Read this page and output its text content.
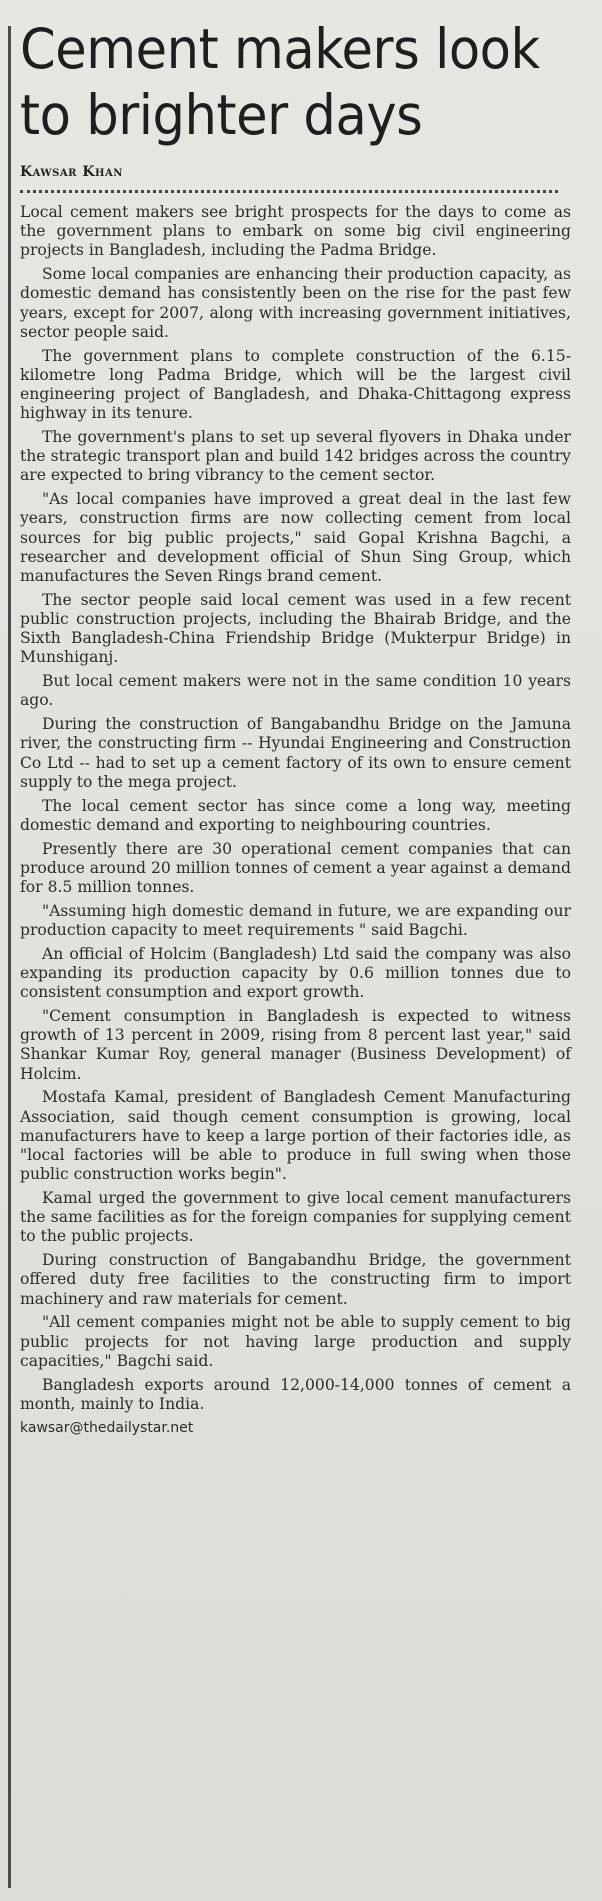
Cement makers look to brighter days
Kawsar Khan

Local cement makers see bright prospects for the days to come as the government plans to embark on some big civil engineering projects in Bangladesh, including the Padma Bridge.

Some local companies are enhancing their production capacity, as domestic demand has consistently been on the rise for the past few years, except for 2007, along with increasing government initiatives, sector people said.

The government plans to complete construction of the 6.15-kilometre long Padma Bridge, which will be the largest civil engineering project of Bangladesh, and Dhaka-Chittagong express highway in its tenure.

The government's plans to set up several flyovers in Dhaka under the strategic transport plan and build 142 bridges across the country are expected to bring vibrancy to the cement sector.

"As local companies have improved a great deal in the last few years, construction firms are now collecting cement from local sources for big public projects," said Gopal Krishna Bagchi, a researcher and development official of Shun Sing Group, which manufactures the Seven Rings brand cement.

The sector people said local cement was used in a few recent public construction projects, including the Bhairab Bridge, and the Sixth Bangladesh-China Friendship Bridge (Mukterpur Bridge) in Munshiganj.

But local cement makers were not in the same condition 10 years ago.

During the construction of Bangabandhu Bridge on the Jamuna river, the constructing firm -- Hyundai Engineering and Construction Co Ltd -- had to set up a cement factory of its own to ensure cement supply to the mega project.

The local cement sector has since come a long way, meeting domestic demand and exporting to neighbouring countries.

Presently there are 30 operational cement companies that can produce around 20 million tonnes of cement a year against a demand for 8.5 million tonnes.

"Assuming high domestic demand in future, we are expanding our production capacity to meet requirements " said Bagchi.

An official of Holcim (Bangladesh) Ltd said the company was also expanding its production capacity by 0.6 million tonnes due to consistent consumption and export growth.

"Cement consumption in Bangladesh is expected to witness growth of 13 percent in 2009, rising from 8 percent last year," said Shankar Kumar Roy, general manager (Business Development) of Holcim.

Mostafa Kamal, president of Bangladesh Cement Manufacturing Association, said though cement consumption is growing, local manufacturers have to keep a large portion of their factories idle, as "local factories will be able to produce in full swing when those public construction works begin".

Kamal urged the government to give local cement manufacturers the same facilities as for the foreign companies for supplying cement to the public projects.

During construction of Bangabandhu Bridge, the government offered duty free facilities to the constructing firm to import machinery and raw materials for cement.

"All cement companies might not be able to supply cement to big public projects for not having large production and supply capacities," Bagchi said.

Bangladesh exports around 12,000-14,000 tonnes of cement a month, mainly to India.

kawsar@thedailystar.net
